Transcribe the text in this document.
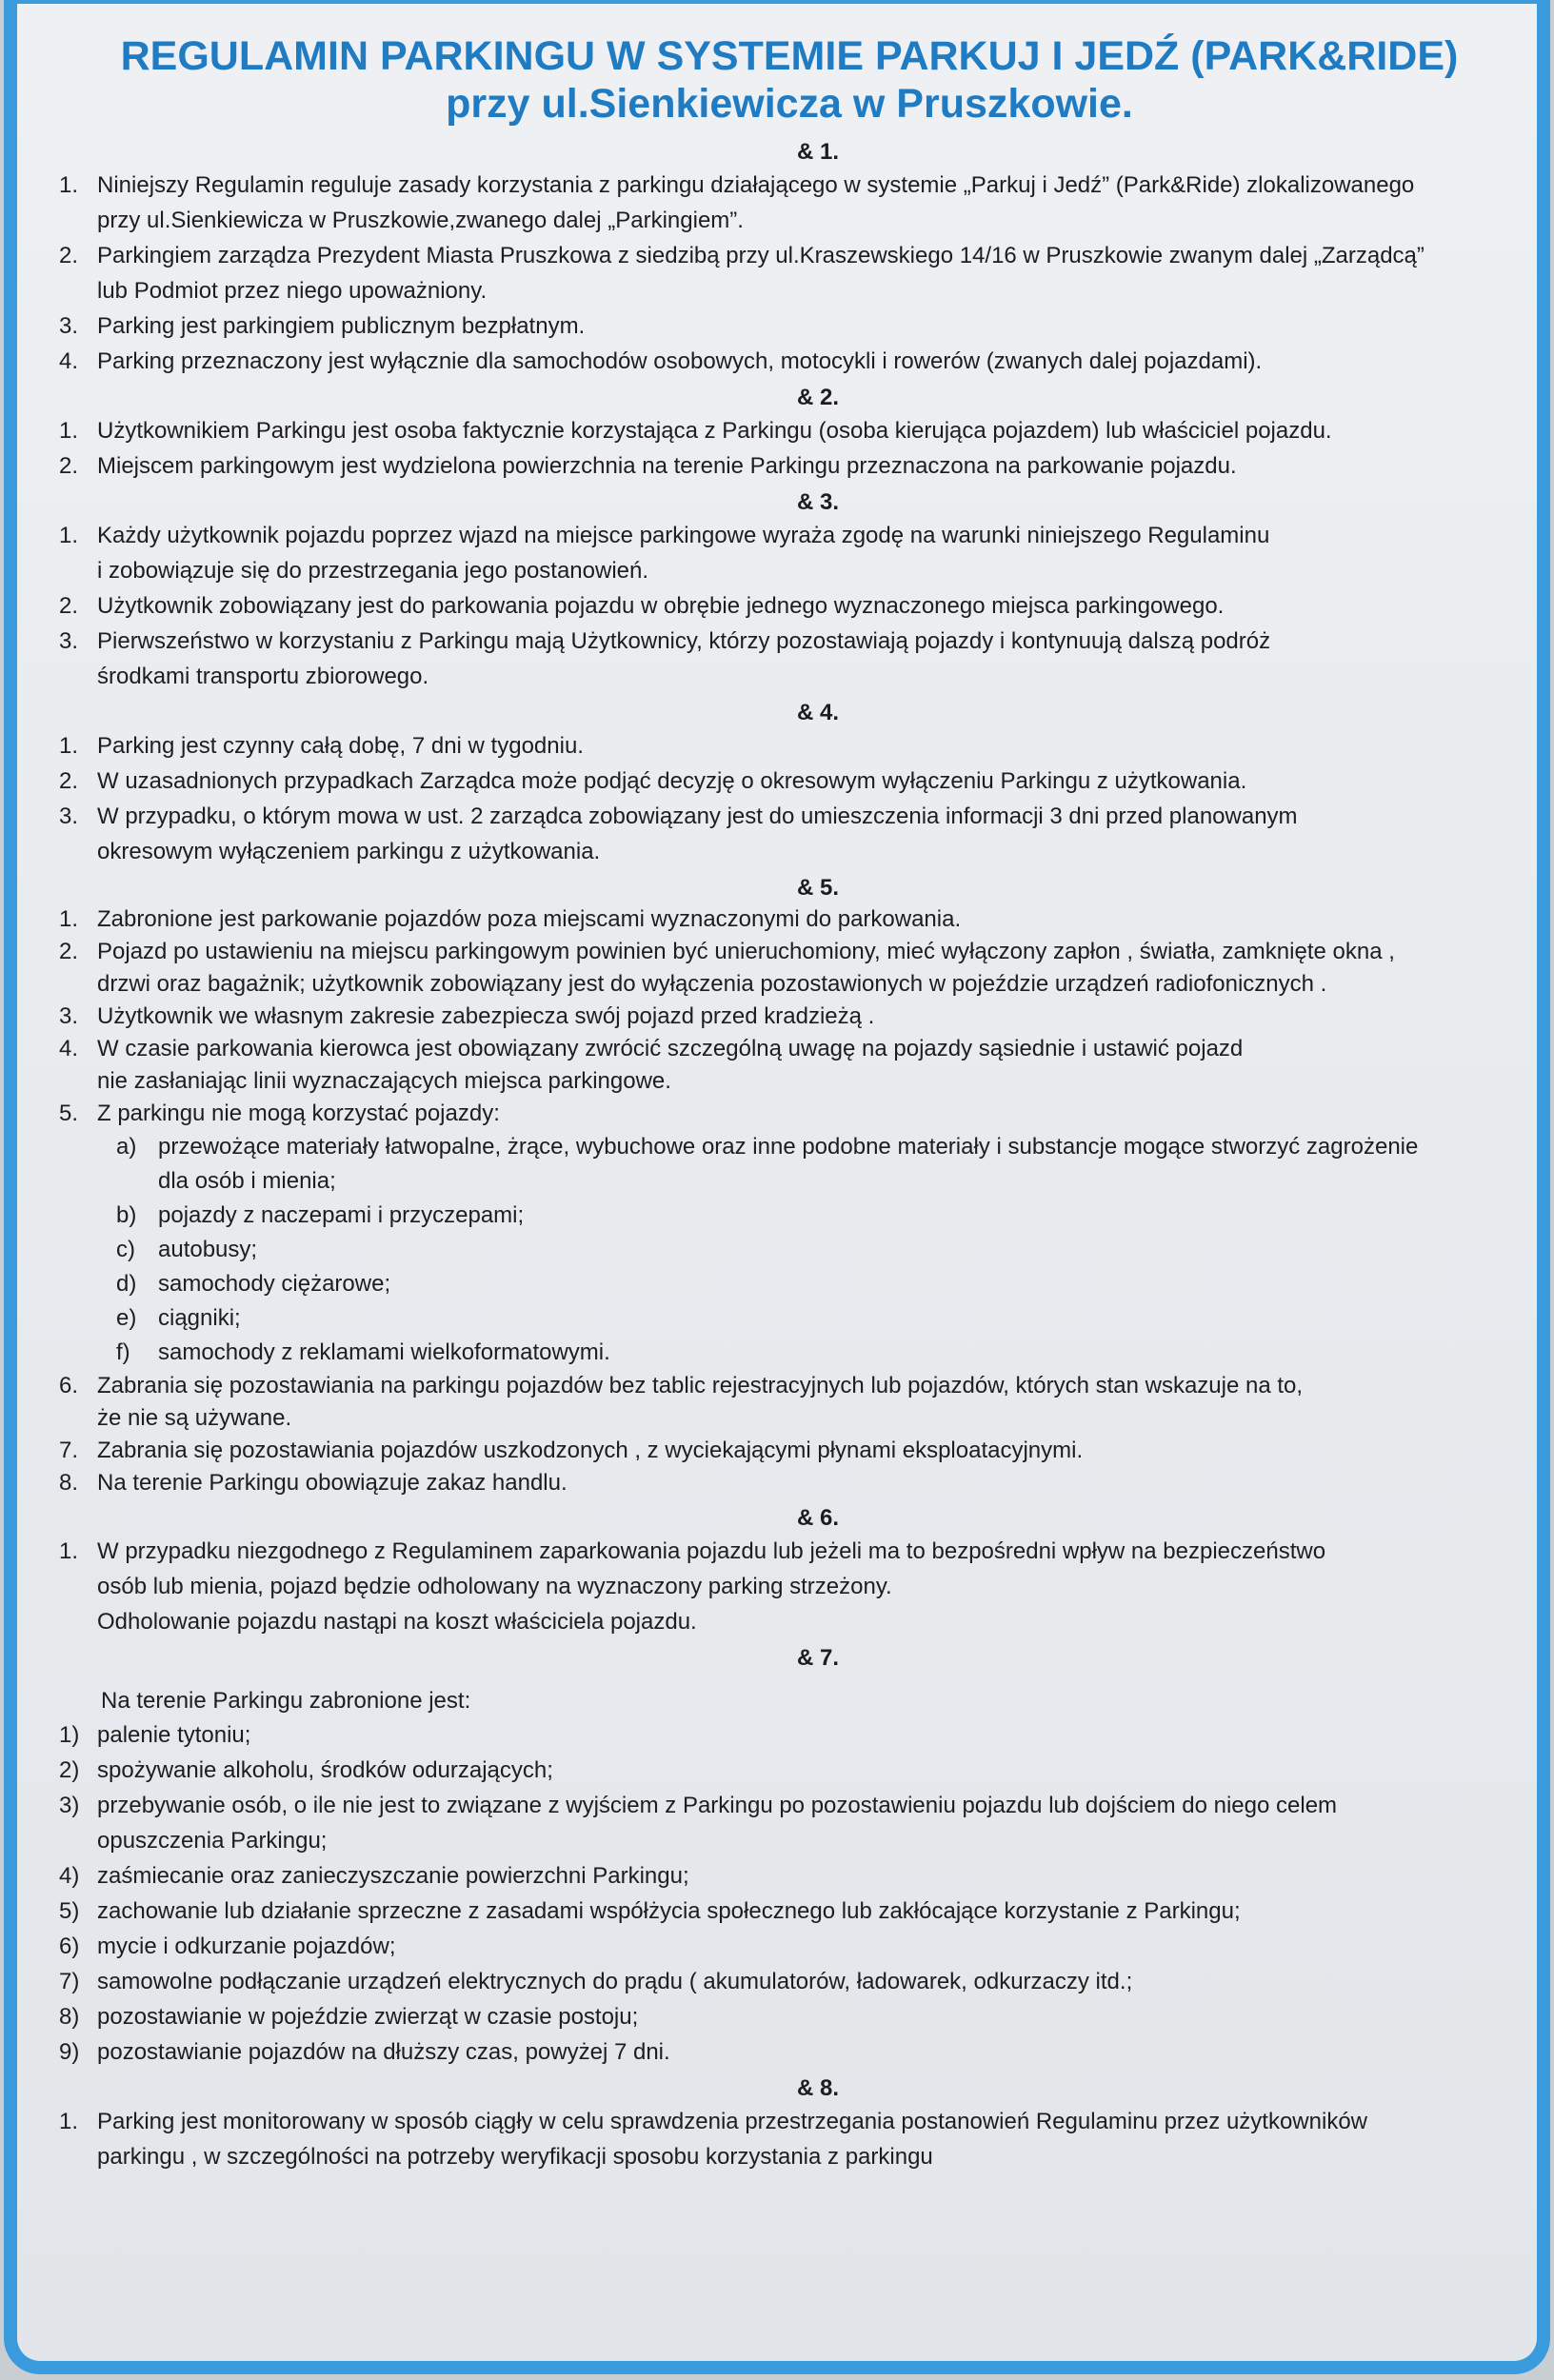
REGULAMIN PARKINGU W SYSTEMIE PARKUJ I JEDŹ (PARK&RIDE)
przy ul.Sienkiewicza w Pruszkowie.
& 1.
1. Niniejszy Regulamin reguluje zasady korzystania z parkingu działającego w systemie „Parkuj i Jedź” (Park&Ride) zlokalizowanego
przy ul.Sienkiewicza w Pruszkowie,zwanego dalej „Parkingiem”.
2. Parkingiem zarządza Prezydent Miasta Pruszkowa z siedzibą przy ul.Kraszewskiego 14/16 w Pruszkowie zwanym dalej „Zarządcą”
lub Podmiot przez niego upoważniony.
3. Parking jest parkingiem publicznym bezpłatnym.
4. Parking przeznaczony jest wyłącznie dla samochodów osobowych, motocykli i rowerów (zwanych dalej pojazdami).
& 2.
1. Użytkownikiem Parkingu jest osoba faktycznie korzystająca z Parkingu (osoba kierująca pojazdem) lub właściciel pojazdu.
2. Miejscem parkingowym jest wydzielona powierzchnia na terenie Parkingu przeznaczona na parkowanie pojazdu.
& 3.
1. Każdy użytkownik pojazdu poprzez wjazd na miejsce parkingowe wyraża zgodę na warunki niniejszego Regulaminu
i zobowiązuje się do przestrzegania jego postanowień.
2. Użytkownik zobowiązany jest do parkowania pojazdu w obrębie jednego wyznaczonego miejsca parkingowego.
3. Pierwszeństwo w korzystaniu z Parkingu mają Użytkownicy, którzy pozostawiają pojazdy i kontynuują dalszą podróż
środkami transportu zbiorowego.
& 4.
1. Parking jest czynny całą dobę, 7 dni w tygodniu.
2. W uzasadnionych przypadkach Zarządca może podjąć decyzję o okresowym wyłączeniu Parkingu z użytkowania.
3. W przypadku, o którym mowa w ust. 2 zarządca zobowiązany jest do umieszczenia informacji 3 dni przed planowanym
okresowym wyłączeniem parkingu z użytkowania.
& 5.
1. Zabronione jest parkowanie pojazdów poza miejscami wyznaczonymi do parkowania.
2. Pojazd po ustawieniu na miejscu parkingowym powinien być unieruchomiony, mieć wyłączony zapłon , światła, zamknięte okna ,
drzwi oraz bagażnik; użytkownik zobowiązany jest do wyłączenia pozostawionych w pojeździe urządzeń radiofonicznych .
3. Użytkownik we własnym zakresie zabezpiecza swój pojazd przed kradzieżą .
4. W czasie parkowania kierowca jest obowiązany zwrócić szczególną uwagę na pojazdy sąsiednie i ustawić pojazd
nie zasłaniając linii wyznaczających miejsca parkingowe.
5. Z parkingu nie mogą korzystać pojazdy:
a) przewożące materiały łatwopalne, żrące, wybuchowe oraz inne podobne materiały i substancje mogące stworzyć zagrożenie
dla osób i mienia;
b) pojazdy z naczepami i przyczepami;
c) autobusy;
d) samochody ciężarowe;
e) ciągniki;
f) samochody z reklamami wielkoformatowymi.
6. Zabrania się pozostawiania na parkingu pojazdów bez tablic rejestracyjnych lub pojazdów, których stan wskazuje na to,
że nie są używane.
7. Zabrania się pozostawiania pojazdów uszkodzonych , z wyciekającymi płynami eksploatacyjnymi.
8. Na terenie Parkingu obowiązuje zakaz handlu.
& 6.
1. W przypadku niezgodnego z Regulaminem zaparkowania pojazdu lub jeżeli ma to bezpośredni wpływ na bezpieczeństwo
osób lub mienia, pojazd będzie odholowany na wyznaczony parking strzeżony.
Odholowanie pojazdu nastąpi na koszt właściciela pojazdu.
& 7.
Na terenie Parkingu zabronione jest:
1) palenie tytoniu;
2) spożywanie alkoholu, środków odurzających;
3) przebywanie osób, o ile nie jest to związane z wyjściem z Parkingu po pozostawieniu pojazdu lub dojściem do niego celem
opuszczenia Parkingu;
4) zaśmiecanie oraz zanieczyszczanie powierzchni Parkingu;
5) zachowanie lub działanie sprzeczne z zasadami współżycia społecznego lub zakłócające korzystanie z Parkingu;
6) mycie i odkurzanie pojazdów;
7) samowolne podłączanie urządzeń elektrycznych do prądu ( akumulatorów, ładowarek, odkurzaczy itd.;
8) pozostawianie w pojeździe zwierząt w czasie postoju;
9) pozostawianie pojazdów na dłuższy czas, powyżej 7 dni.
& 8.
1. Parking jest monitorowany w sposób ciągły w celu sprawdzenia przestrzegania postanowień Regulaminu przez użytkowników
parkingu , w szczególności na potrzeby weryfikacji sposobu korzystania z parkingu
